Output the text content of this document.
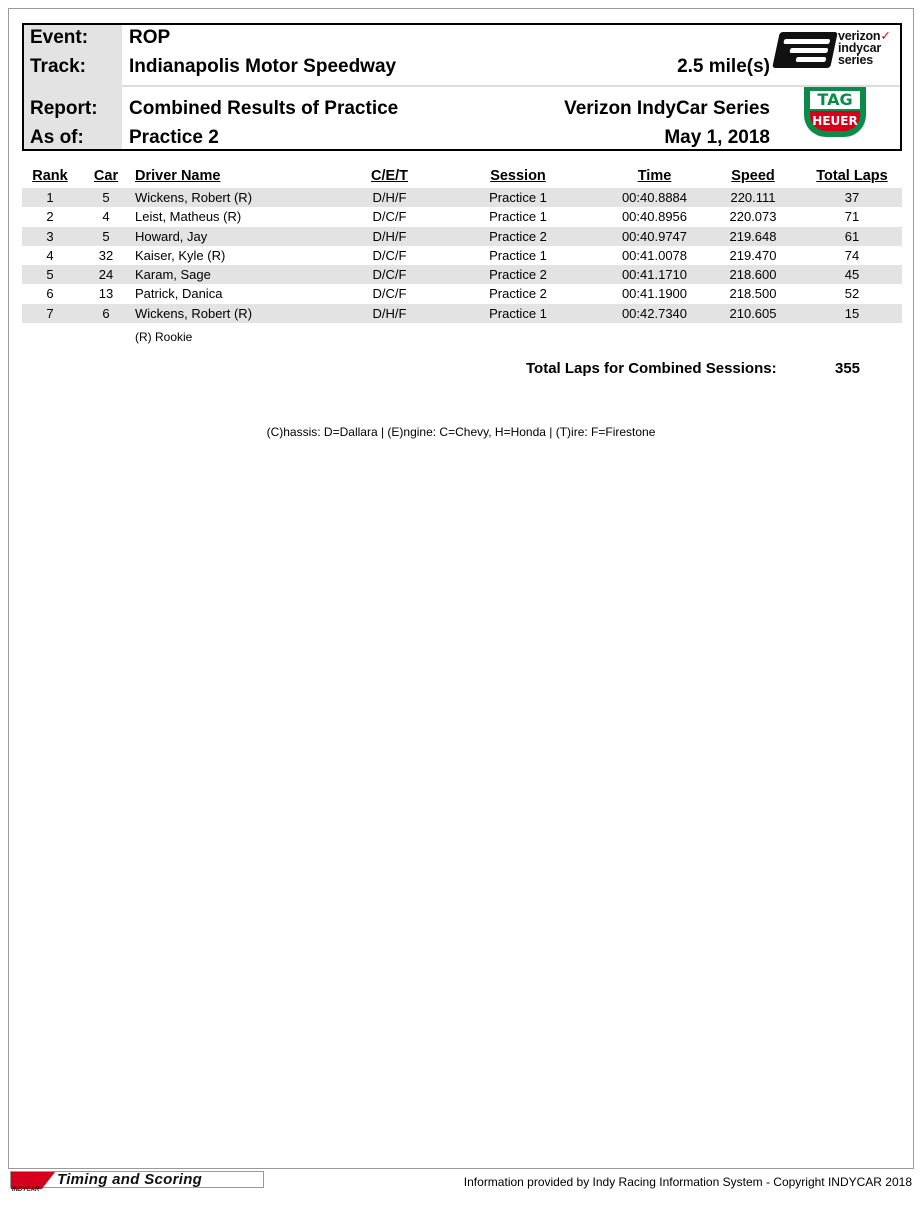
Event: ROP
Track: Indianapolis Motor Speedway	2.5 mile(s)
Report: Combined Results of Practice	Verizon IndyCar Series
As of: Practice 2	May 1, 2018
verizon✓
indycar
series
TAG
HEUER
Rank	Car	Driver Name	C/E/T	Session	Time	Speed	Total Laps
1	5	Wickens, Robert (R)	D/H/F	Practice 1	00:40.8884	220.111	37
2	4	Leist, Matheus (R)	D/C/F	Practice 1	00:40.8956	220.073	71
3	5	Howard, Jay	D/H/F	Practice 2	00:40.9747	219.648	61
4	32	Kaiser, Kyle (R)	D/C/F	Practice 1	00:41.0078	219.470	74
5	24	Karam, Sage	D/C/F	Practice 2	00:41.1710	218.600	45
6	13	Patrick, Danica	D/C/F	Practice 2	00:41.1900	218.500	52
7	6	Wickens, Robert (R)	D/H/F	Practice 1	00:42.7340	210.605	15
(R) Rookie
Total Laps for Combined Sessions:	355
(C)hassis: D=Dallara | (E)ngine: C=Chevy, H=Honda | (T)ire: F=Firestone
Timing and Scoring
INDYCAR
Information provided by Indy Racing Information System - Copyright INDYCAR 2018
